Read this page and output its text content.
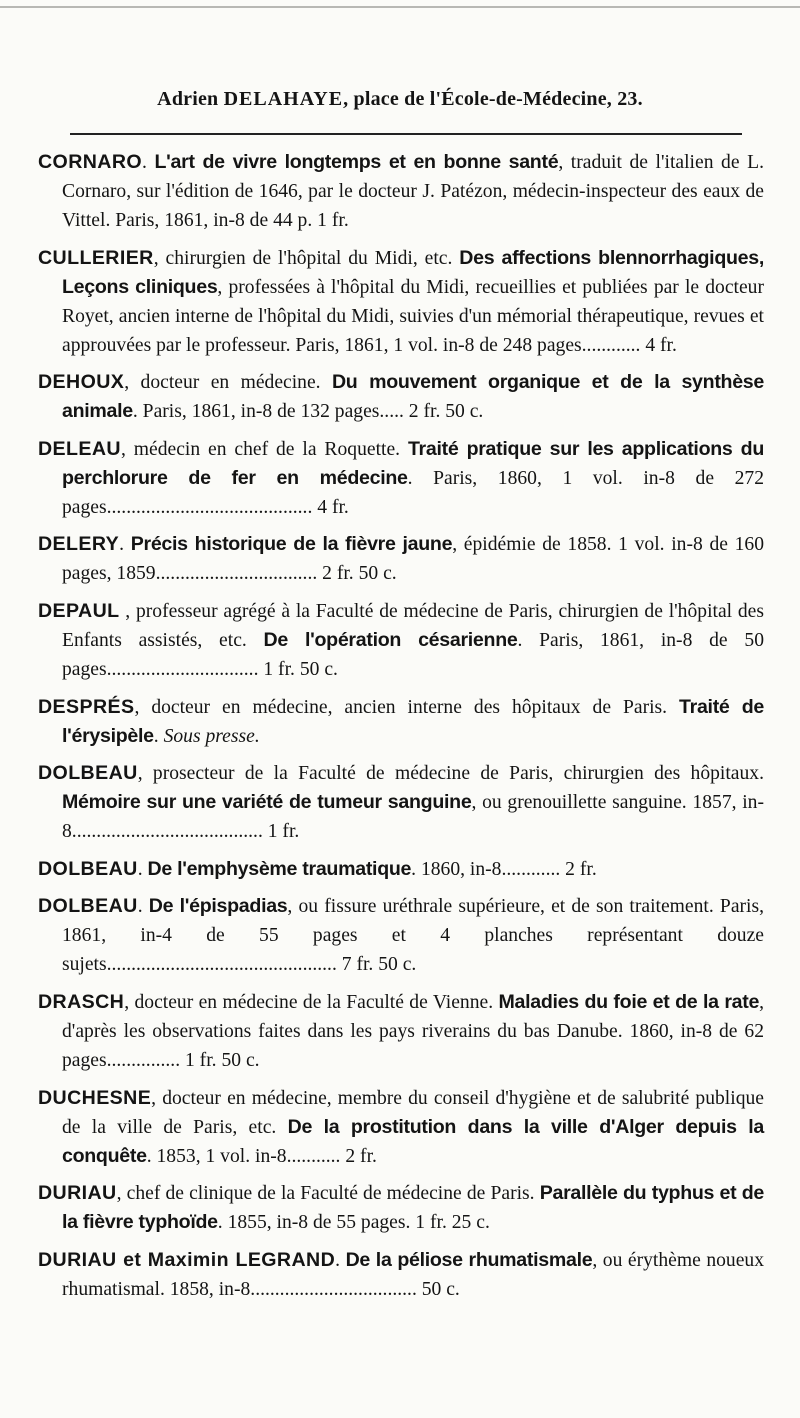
Adrien DELAHAYE, place de l'École-de-Médecine, 23.
CORNARO. L'art de vivre longtemps et en bonne santé, traduit de l'italien de L. Cornaro, sur l'édition de 1646, par le docteur J. Patézon, médecin-inspecteur des eaux de Vittel. Paris, 1861, in-8 de 44 p. 1 fr.
CULLERIER, chirurgien de l'hôpital du Midi, etc. Des affections blennorrhagiques, Leçons cliniques, professées à l'hôpital du Midi, recueillies et publiées par le docteur Royet, ancien interne de l'hôpital du Midi, suivies d'un mémorial thérapeutique, revues et approuvées par le professeur. Paris, 1861, 1 vol. in-8 de 248 pages............ 4 fr.
DEHOUX, docteur en médecine. Du mouvement organique et de la synthèse animale. Paris, 1861, in-8 de 132 pages..... 2 fr. 50 c.
DELEAU, médecin en chef de la Roquette. Traité pratique sur les applications du perchlorure de fer en médecine. Paris, 1860, 1 vol. in-8 de 272 pages.......................................... 4 fr.
DELERY. Précis historique de la fièvre jaune, épidémie de 1858. 1 vol. in-8 de 160 pages, 1859................................. 2 fr. 50 c.
DEPAUL , professeur agrégé à la Faculté de médecine de Paris, chirurgien de l'hôpital des Enfants assistés, etc. De l'opération césarienne. Paris, 1861, in-8 de 50 pages............................... 1 fr. 50 c.
DESPRÉS, docteur en médecine, ancien interne des hôpitaux de Paris. Traité de l'érysipèle. Sous presse.
DOLBEAU, prosecteur de la Faculté de médecine de Paris, chirurgien des hôpitaux. Mémoire sur une variété de tumeur sanguine, ou grenouillette sanguine. 1857, in-8....................................... 1 fr.
DOLBEAU. De l'emphysème traumatique. 1860, in-8............ 2 fr.
DOLBEAU. De l'épispadias, ou fissure uréthrale supérieure, et de son traitement. Paris, 1861, in-4 de 55 pages et 4 planches représentant douze sujets............................................... 7 fr. 50 c.
DRASCH, docteur en médecine de la Faculté de Vienne. Maladies du foie et de la rate, d'après les observations faites dans les pays riverains du bas Danube. 1860, in-8 de 62 pages............... 1 fr. 50 c.
DUCHESNE, docteur en médecine, membre du conseil d'hygiène et de salubrité publique de la ville de Paris, etc. De la prostitution dans la ville d'Alger depuis la conquête. 1853, 1 vol. in-8........... 2 fr.
DURIAU, chef de clinique de la Faculté de médecine de Paris. Parallèle du typhus et de la fièvre typhoïde. 1855, in-8 de 55 pages. 1 fr. 25 c.
DURIAU et Maximin LEGRAND. De la péliose rhumatismale, ou érythème noueux rhumatismal. 1858, in-8.................................. 50 c.
